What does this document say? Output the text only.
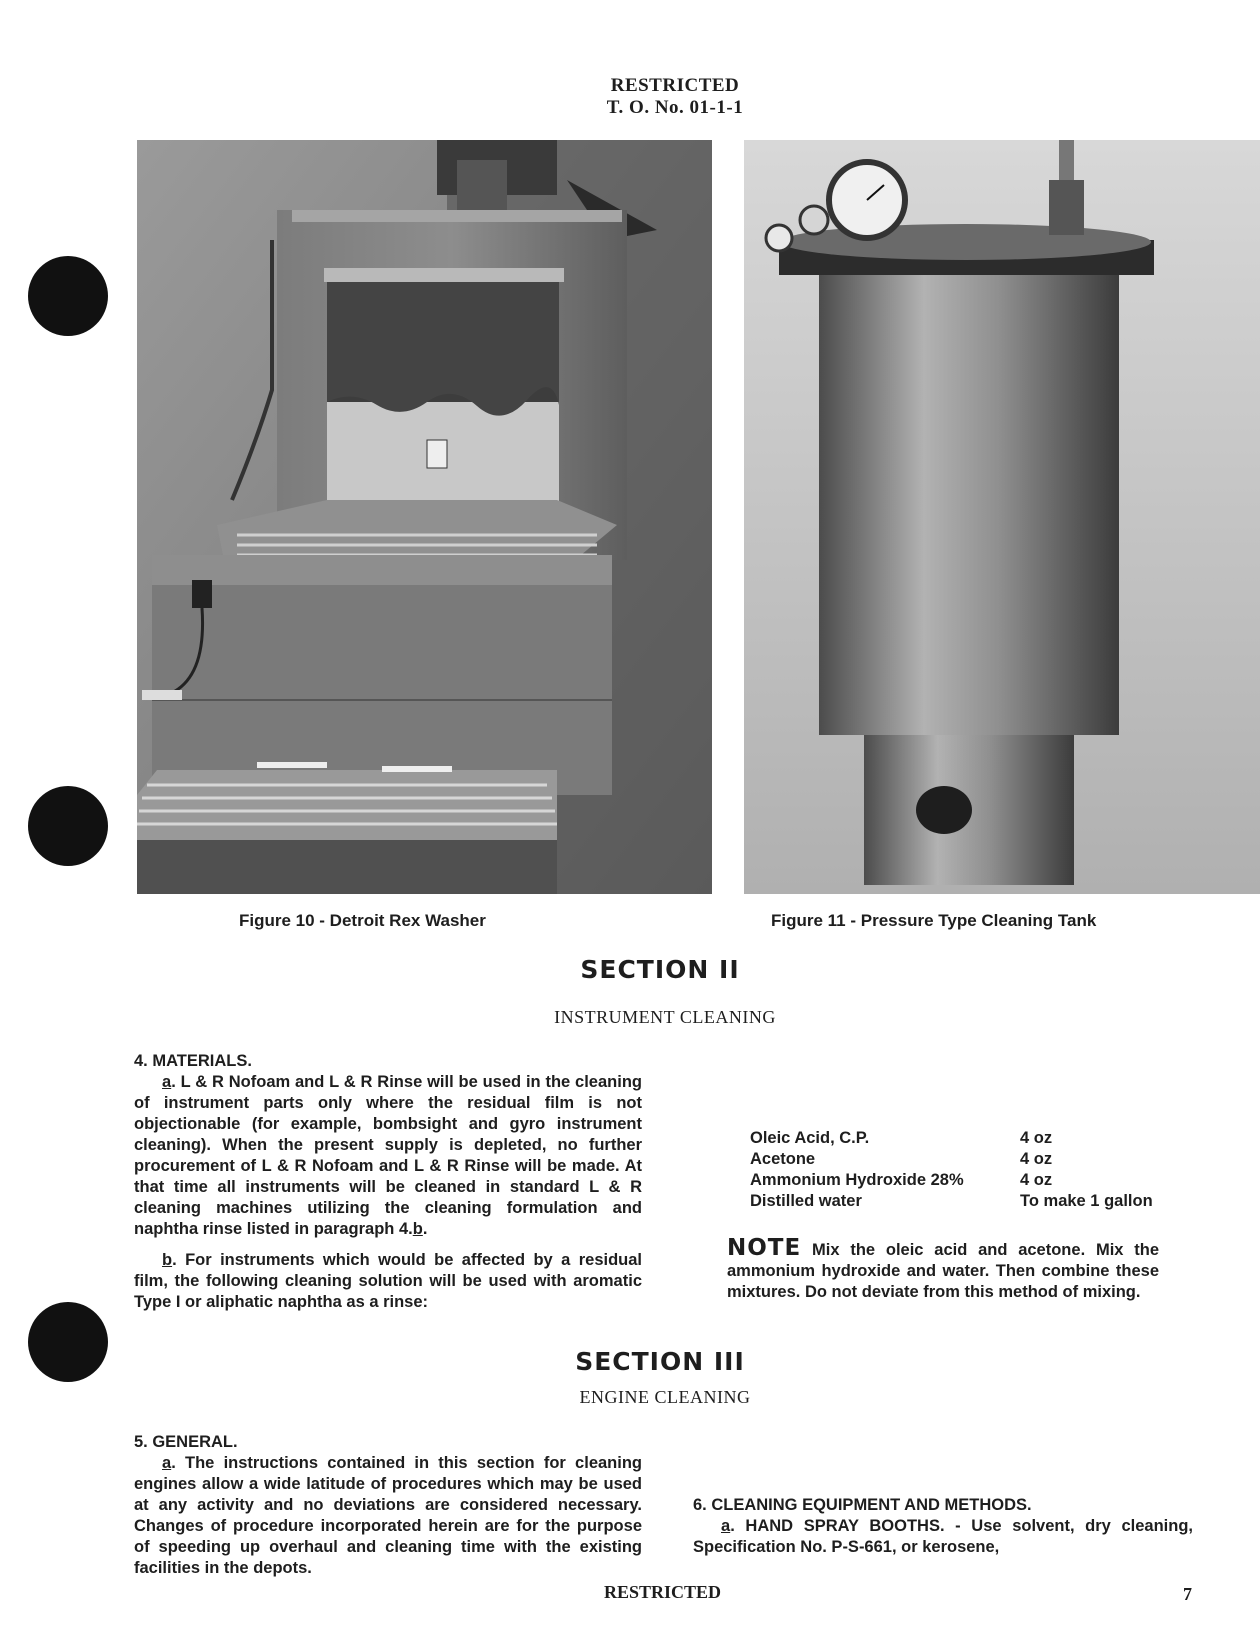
RESTRICTED
T. O. No. 01-1-1
Figure 10 - Detroit Rex Washer	Figure 11 - Pressure Type Cleaning Tank
SECTION II
INSTRUMENT CLEANING

4. MATERIALS.

a. L & R Nofoam and L & R Rinse will be used in the cleaning of instrument parts only where the residual film is not objectionable (for example, bombsight and gyro instrument cleaning). When the present supply is depleted, no further procurement of L & R Nofoam and L & R Rinse will be made. At that time all instruments will be cleaned in standard L & R cleaning machines utilizing the cleaning formulation and naphtha rinse listed in paragraph 4.b.

b. For instruments which would be affected by a residual film, the following cleaning solution will be used with aromatic Type I or aliphatic naphtha as a rinse:

Oleic Acid, C.P.	4 oz
Acetone	4 oz
Ammonium Hydroxide 28%	4 oz
Distilled water	To make 1 gallon

NOTE Mix the oleic acid and acetone. Mix the ammonium hydroxide and water. Then combine these mixtures. Do not deviate from this method of mixing.

SECTION III
ENGINE CLEANING

5. GENERAL.

a. The instructions contained in this section for cleaning engines allow a wide latitude of procedures which may be used at any activity and no deviations are considered necessary. Changes of procedure incorporated herein are for the purpose of speeding up overhaul and cleaning time with the existing facilities in the depots.

6. CLEANING EQUIPMENT AND METHODS.

a. HAND SPRAY BOOTHS. - Use solvent, dry cleaning, Specification No. P-S-661, or kerosene,

RESTRICTED	7
